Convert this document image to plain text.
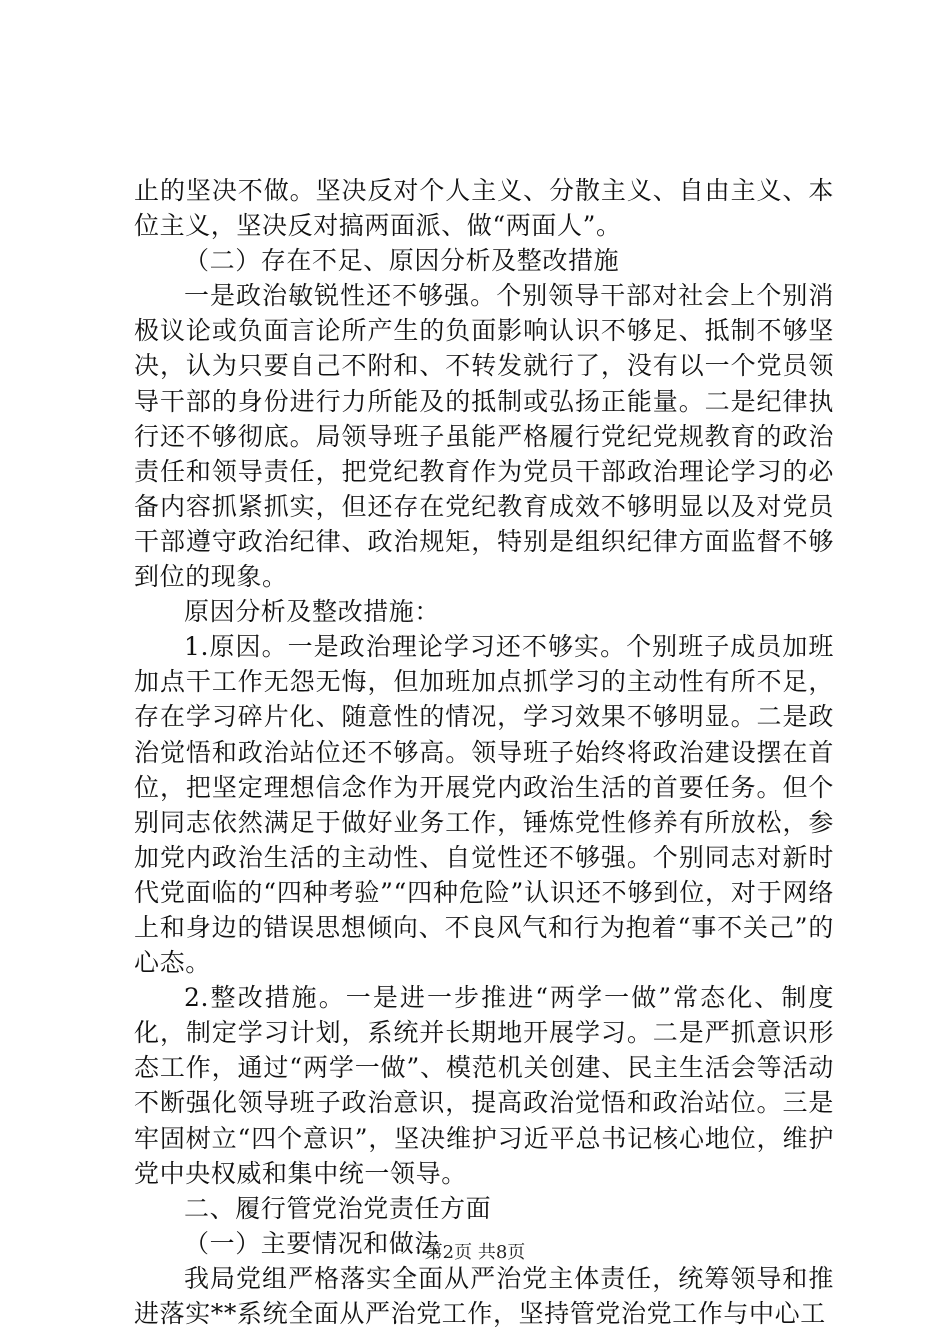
止的坚决不做。坚决反对个人主义、分散主义、自由主义、本位主义，坚决反对搞两面派、做“两面人”。

（二）存在不足、原因分析及整改措施

一是政治敏锐性还不够强。个别领导干部对社会上个别消极议论或负面言论所产生的负面影响认识不够足、抵制不够坚决，认为只要自己不附和、不转发就行了，没有以一个党员领导干部的身份进行力所能及的抵制或弘扬正能量。二是纪律执行还不够彻底。局领导班子虽能严格履行党纪党规教育的政治责任和领导责任，把党纪教育作为党员干部政治理论学习的必备内容抓紧抓实，但还存在党纪教育成效不够明显以及对党员干部遵守政治纪律、政治规矩，特别是组织纪律方面监督不够到位的现象。

原因分析及整改措施：

1.原因。一是政治理论学习还不够实。个别班子成员加班加点干工作无怨无悔，但加班加点抓学习的主动性有所不足，存在学习碎片化、随意性的情况，学习效果不够明显。二是政治觉悟和政治站位还不够高。领导班子始终将政治建设摆在首位，把坚定理想信念作为开展党内政治生活的首要任务。但个别同志依然满足于做好业务工作，锤炼党性修养有所放松，参加党内政治生活的主动性、自觉性还不够强。个别同志对新时代党面临的“四种考验”“四种危险”认识还不够到位，对于网络上和身边的错误思想倾向、不良风气和行为抱着“事不关己”的心态。

2.整改措施。一是进一步推进“两学一做”常态化、制度化，制定学习计划，系统并长期地开展学习。二是严抓意识形态工作，通过“两学一做”、模范机关创建、民主生活会等活动不断强化领导班子政治意识，提高政治觉悟和政治站位。三是牢固树立“四个意识”，坚决维护习近平总书记核心地位，维护党中央权威和集中统一领导。

二、履行管党治党责任方面

（一）主要情况和做法

我局党组严格落实全面从严治党主体责任，统筹领导和推进落实**系统全面从严治党工作，坚持管党治党工作与中心工

第2页 共8页
